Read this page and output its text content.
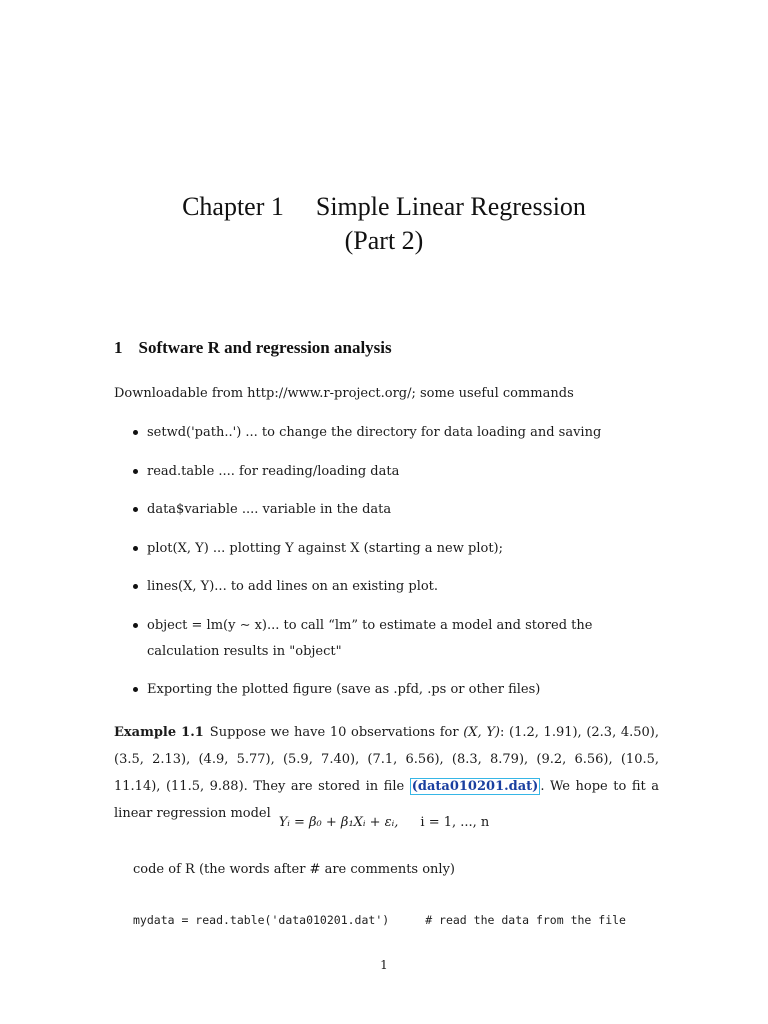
Chapter 1 Simple Linear Regression
(Part 2)
1 Software R and regression analysis
Downloadable from http://www.r-project.org/; some useful commands
setwd('path..') ... to change the directory for data loading and saving
read.table .... for reading/loading data
data$variable .... variable in the data
plot(X, Y) ... plotting Y against X (starting a new plot);
lines(X, Y)... to add lines on an existing plot.
object = lm(y ∼ x)... to call “lm” to estimate a model and stored the calculation results in "object"
Exporting the plotted figure (save as .pfd, .ps or other files)
Example 1.1 Suppose we have 10 observations for (X, Y): (1.2, 1.91), (2.3, 4.50), (3.5, 2.13), (4.9, 5.77), (5.9, 7.40), (7.1, 6.56), (8.3, 8.79), (9.2, 6.56), (10.5, 11.14), (11.5, 9.88). They are stored in file (data010201.dat) . We hope to fit a linear regression model
Yᵢ = β₀ + β₁Xᵢ + εᵢ, i = 1, ..., n
code of R (the words after # are comments only)
mydata = read.table('data010201.dat')	# read the data from the file
1
